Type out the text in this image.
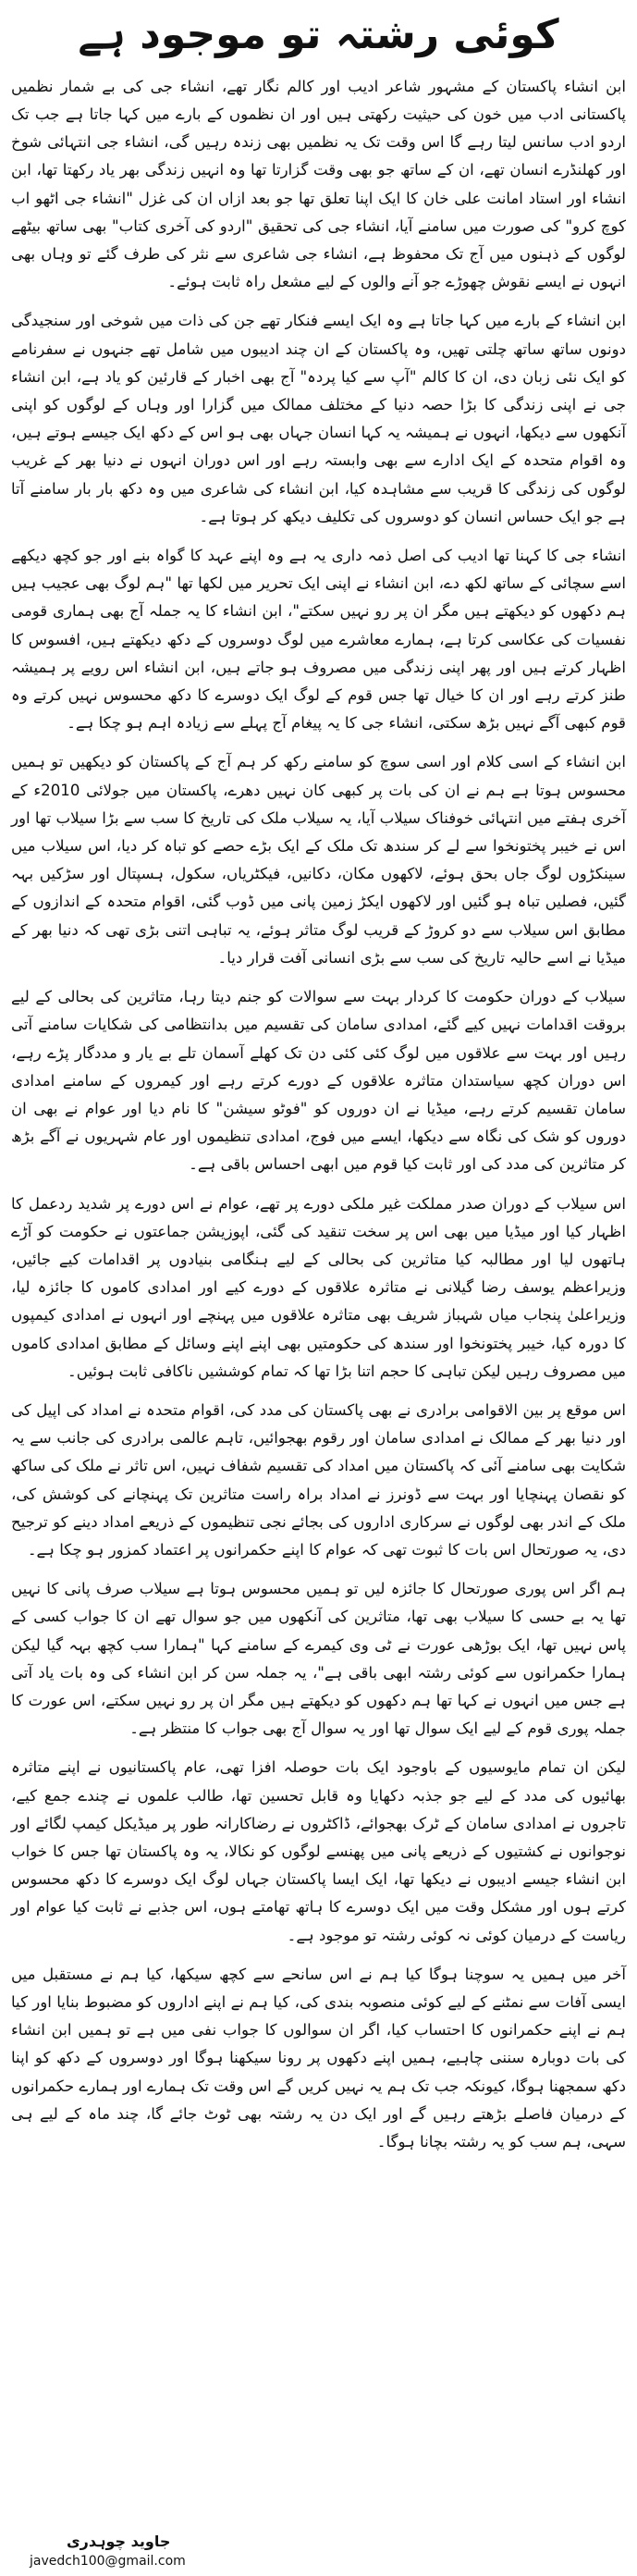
کوئی رشتہ تو موجود ہے

ابن انشاء پاکستان کے مشہور شاعر ادیب اور کالم نگار تھے، انشاء جی کی بے شمار نظمیں پاکستانی ادب میں خون کی حیثیت رکھتی ہیں اور ان نظموں کے بارے میں کہا جاتا ہے جب تک اردو ادب سانس لیتا رہے گا اس وقت تک یہ نظمیں بھی زندہ رہیں گی، انشاء جی انتہائی شوخ اور کھلنڈرے انسان تھے، ان کے ساتھ جو بھی وقت گزارتا تھا وہ انہیں زندگی بھر یاد رکھتا تھا، ابن انشاء اور استاد امانت علی خان کا ایک اپنا تعلق تھا جو بعد ازاں ان کی غزل "انشاء جی اٹھو اب کوچ کرو" کی صورت میں سامنے آیا، انشاء جی کی تحقیق "اردو کی آخری کتاب" بھی ساتھ بیٹھے لوگوں کے ذہنوں میں آج تک محفوظ ہے، انشاء جی شاعری سے نثر کی طرف گئے تو وہاں بھی انہوں نے ایسے نقوش چھوڑے جو آنے والوں کے لیے مشعل راہ ثابت ہوئے۔

ابن انشاء کے بارے میں کہا جاتا ہے وہ ایک ایسے فنکار تھے جن کی ذات میں شوخی اور سنجیدگی دونوں ساتھ ساتھ چلتی تھیں، وہ پاکستان کے ان چند ادیبوں میں شامل تھے جنہوں نے سفرنامے کو ایک نئی زبان دی، ان کا کالم "آپ سے کیا پردہ" آج بھی اخبار کے قارئین کو یاد ہے، ابن انشاء جی نے اپنی زندگی کا بڑا حصہ دنیا کے مختلف ممالک میں گزارا اور وہاں کے لوگوں کو اپنی آنکھوں سے دیکھا، انہوں نے ہمیشہ یہ کہا انسان جہاں بھی ہو اس کے دکھ ایک جیسے ہوتے ہیں، وہ اقوام متحدہ کے ایک ادارے سے بھی وابستہ رہے اور اس دوران انہوں نے دنیا بھر کے غریب لوگوں کی زندگی کا قریب سے مشاہدہ کیا، ابن انشاء کی شاعری میں وہ دکھ بار بار سامنے آتا ہے جو ایک حساس انسان کو دوسروں کی تکلیف دیکھ کر ہوتا ہے۔

انشاء جی کا کہنا تھا ادیب کی اصل ذمہ داری یہ ہے وہ اپنے عہد کا گواہ بنے اور جو کچھ دیکھے اسے سچائی کے ساتھ لکھ دے، ابن انشاء نے اپنی ایک تحریر میں لکھا تھا "ہم لوگ بھی عجیب ہیں ہم دکھوں کو دیکھتے ہیں مگر ان پر رو نہیں سکتے"، ابن انشاء کا یہ جملہ آج بھی ہماری قومی نفسیات کی عکاسی کرتا ہے، ہمارے معاشرے میں لوگ دوسروں کے دکھ دیکھتے ہیں، افسوس کا اظہار کرتے ہیں اور پھر اپنی زندگی میں مصروف ہو جاتے ہیں، ابن انشاء اس رویے پر ہمیشہ طنز کرتے رہے اور ان کا خیال تھا جس قوم کے لوگ ایک دوسرے کا دکھ محسوس نہیں کرتے وہ قوم کبھی آگے نہیں بڑھ سکتی، انشاء جی کا یہ پیغام آج پہلے سے زیادہ اہم ہو چکا ہے۔

ابن انشاء کے اسی کلام اور اسی سوچ کو سامنے رکھ کر ہم آج کے پاکستان کو دیکھیں تو ہمیں محسوس ہوتا ہے ہم نے ان کی بات پر کبھی کان نہیں دھرے، پاکستان میں جولائی 2010ء کے آخری ہفتے میں انتہائی خوفناک سیلاب آیا، یہ سیلاب ملک کی تاریخ کا سب سے بڑا سیلاب تھا اور اس نے خیبر پختونخوا سے لے کر سندھ تک ملک کے ایک بڑے حصے کو تباہ کر دیا، اس سیلاب میں سینکڑوں لوگ جاں بحق ہوئے، لاکھوں مکان، دکانیں، فیکٹریاں، سکول، ہسپتال اور سڑکیں بہہ گئیں، فصلیں تباہ ہو گئیں اور لاکھوں ایکڑ زمین پانی میں ڈوب گئی، اقوام متحدہ کے اندازوں کے مطابق اس سیلاب سے دو کروڑ کے قریب لوگ متاثر ہوئے، یہ تباہی اتنی بڑی تھی کہ دنیا بھر کے میڈیا نے اسے حالیہ تاریخ کی سب سے بڑی انسانی آفت قرار دیا۔

سیلاب کے دوران حکومت کا کردار بہت سے سوالات کو جنم دیتا رہا، متاثرین کی بحالی کے لیے بروقت اقدامات نہیں کیے گئے، امدادی سامان کی تقسیم میں بدانتظامی کی شکایات سامنے آتی رہیں اور بہت سے علاقوں میں لوگ کئی کئی دن تک کھلے آسمان تلے بے یار و مددگار پڑے رہے، اس دوران کچھ سیاستدان متاثرہ علاقوں کے دورے کرتے رہے اور کیمروں کے سامنے امدادی سامان تقسیم کرتے رہے، میڈیا نے ان دوروں کو "فوٹو سیشن" کا نام دیا اور عوام نے بھی ان دوروں کو شک کی نگاہ سے دیکھا، ایسے میں فوج، امدادی تنظیموں اور عام شہریوں نے آگے بڑھ کر متاثرین کی مدد کی اور ثابت کیا قوم میں ابھی احساس باقی ہے۔

اس سیلاب کے دوران صدر مملکت غیر ملکی دورے پر تھے، عوام نے اس دورے پر شدید ردعمل کا اظہار کیا اور میڈیا میں بھی اس پر سخت تنقید کی گئی، اپوزیشن جماعتوں نے حکومت کو آڑے ہاتھوں لیا اور مطالبہ کیا متاثرین کی بحالی کے لیے ہنگامی بنیادوں پر اقدامات کیے جائیں، وزیراعظم یوسف رضا گیلانی نے متاثرہ علاقوں کے دورے کیے اور امدادی کاموں کا جائزہ لیا، وزیراعلیٰ پنجاب میاں شہباز شریف بھی متاثرہ علاقوں میں پہنچے اور انہوں نے امدادی کیمپوں کا دورہ کیا، خیبر پختونخوا اور سندھ کی حکومتیں بھی اپنے اپنے وسائل کے مطابق امدادی کاموں میں مصروف رہیں لیکن تباہی کا حجم اتنا بڑا تھا کہ تمام کوششیں ناکافی ثابت ہوئیں۔

اس موقع پر بین الاقوامی برادری نے بھی پاکستان کی مدد کی، اقوام متحدہ نے امداد کی اپیل کی اور دنیا بھر کے ممالک نے امدادی سامان اور رقوم بھجوائیں، تاہم عالمی برادری کی جانب سے یہ شکایت بھی سامنے آئی کہ پاکستان میں امداد کی تقسیم شفاف نہیں، اس تاثر نے ملک کی ساکھ کو نقصان پہنچایا اور بہت سے ڈونرز نے امداد براہ راست متاثرین تک پہنچانے کی کوشش کی، ملک کے اندر بھی لوگوں نے سرکاری اداروں کی بجائے نجی تنظیموں کے ذریعے امداد دینے کو ترجیح دی، یہ صورتحال اس بات کا ثبوت تھی کہ عوام کا اپنے حکمرانوں پر اعتماد کمزور ہو چکا ہے۔

ہم اگر اس پوری صورتحال کا جائزہ لیں تو ہمیں محسوس ہوتا ہے سیلاب صرف پانی کا نہیں تھا یہ بے حسی کا سیلاب بھی تھا، متاثرین کی آنکھوں میں جو سوال تھے ان کا جواب کسی کے پاس نہیں تھا، ایک بوڑھی عورت نے ٹی وی کیمرے کے سامنے کہا "ہمارا سب کچھ بہہ گیا لیکن ہمارا حکمرانوں سے کوئی رشتہ ابھی باقی ہے"، یہ جملہ سن کر ابن انشاء کی وہ بات یاد آتی ہے جس میں انہوں نے کہا تھا ہم دکھوں کو دیکھتے ہیں مگر ان پر رو نہیں سکتے، اس عورت کا جملہ پوری قوم کے لیے ایک سوال تھا اور یہ سوال آج بھی جواب کا منتظر ہے۔

لیکن ان تمام مایوسیوں کے باوجود ایک بات حوصلہ افزا تھی، عام پاکستانیوں نے اپنے متاثرہ بھائیوں کی مدد کے لیے جو جذبہ دکھایا وہ قابل تحسین تھا، طالب علموں نے چندے جمع کیے، تاجروں نے امدادی سامان کے ٹرک بھجوائے، ڈاکٹروں نے رضاکارانہ طور پر میڈیکل کیمپ لگائے اور نوجوانوں نے کشتیوں کے ذریعے پانی میں پھنسے لوگوں کو نکالا، یہ وہ پاکستان تھا جس کا خواب ابن انشاء جیسے ادیبوں نے دیکھا تھا، ایک ایسا پاکستان جہاں لوگ ایک دوسرے کا دکھ محسوس کرتے ہوں اور مشکل وقت میں ایک دوسرے کا ہاتھ تھامتے ہوں، اس جذبے نے ثابت کیا عوام اور ریاست کے درمیان کوئی نہ کوئی رشتہ تو موجود ہے۔

آخر میں ہمیں یہ سوچنا ہوگا کیا ہم نے اس سانحے سے کچھ سیکھا، کیا ہم نے مستقبل میں ایسی آفات سے نمٹنے کے لیے کوئی منصوبہ بندی کی، کیا ہم نے اپنے اداروں کو مضبوط بنایا اور کیا ہم نے اپنے حکمرانوں کا احتساب کیا، اگر ان سوالوں کا جواب نفی میں ہے تو ہمیں ابن انشاء کی بات دوبارہ سننی چاہیے، ہمیں اپنے دکھوں پر رونا سیکھنا ہوگا اور دوسروں کے دکھ کو اپنا دکھ سمجھنا ہوگا، کیونکہ جب تک ہم یہ نہیں کریں گے اس وقت تک ہمارے اور ہمارے حکمرانوں کے درمیان فاصلے بڑھتے رہیں گے اور ایک دن یہ رشتہ بھی ٹوٹ جائے گا، چند ماہ کے لیے ہی سہی، ہم سب کو یہ رشتہ بچانا ہوگا۔

جاوید چوہدری
javedch100@gmail.com
